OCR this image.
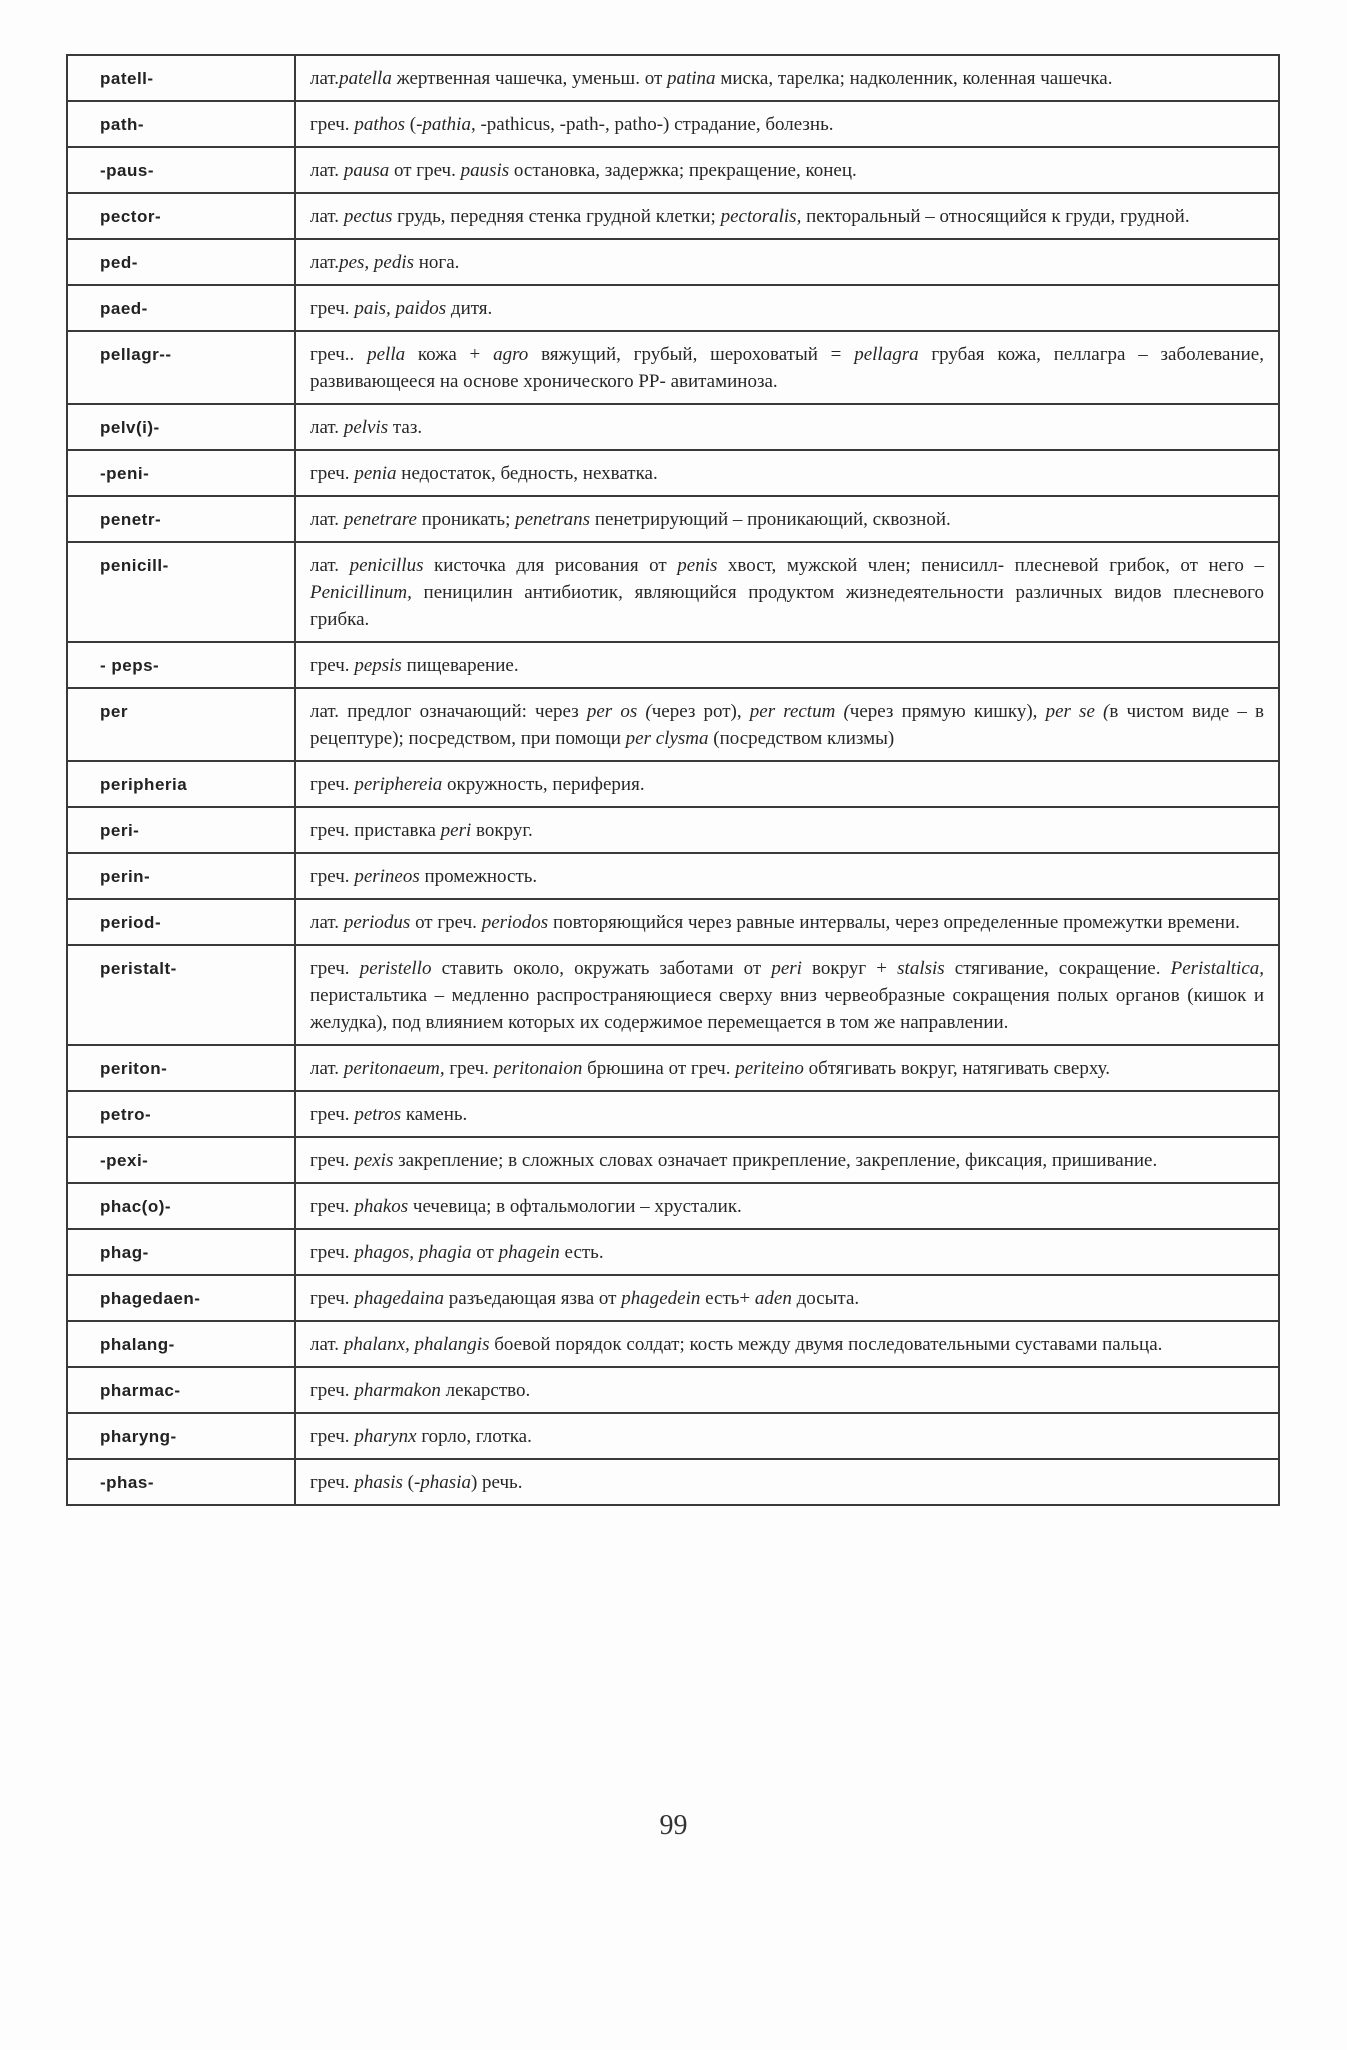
patell-	лат.patella жертвенная чашечка, уменьш. от patina миска, тарелка; надколенник, коленная чашечка.
path-	греч. pathos (-pathia, -pathicus, -path-, patho-) страдание, болезнь.
-paus-	лат. pausa от греч. pausis остановка, задержка; прекращение, конец.
pector-	лат. pectus грудь, передняя стенка грудной клетки; pectoralis, пекторальный – относящийся к груди, грудной.
ped-	лат.pes, pedis нога.
paed-	греч. pais, paidos дитя.
pellagr--	греч.. pella кожа + agro вяжущий, грубый, шероховатый = pellagra грубая кожа, пеллагра – заболевание, развивающееся на основе хронического PP- авитаминоза.
pelv(i)-	лат. pelvis таз.
-peni-	греч. penia недостаток, бедность, нехватка.
penetr-	лат. penetrare проникать; penetrans пенетрирующий – проникающий, сквозной.
penicill-	лат. penicillus кисточка для рисования от penis хвост, мужской член; пенисилл- плесневой грибок, от него – Penicillinum, пеницилин антибиотик, являющийся продуктом жизнедеятельности различных видов плесневого грибка.
- peps-	греч. pepsis пищеварение.
per	лат. предлог означающий: через per os (через рот), per rectum (через прямую кишку), per se (в чистом виде – в рецептуре); посредством, при помощи per clysma (посредством клизмы)
peripheria	греч. periphereia окружность, периферия.
peri-	греч. приставка peri вокруг.
perin-	греч. perineos промежность.
period-	лат. periodus от греч. periodos повторяющийся через равные интервалы, через определенные промежутки времени.
peristalt-	греч. peristello ставить около, окружать заботами от peri вокруг + stalsis стягивание, сокращение. Peristaltica, перистальтика – медленно распространяющиеся сверху вниз червеобразные сокращения полых органов (кишок и желудка), под влиянием которых их содержимое перемещается в том же направлении.
periton-	лат. peritonaeum, греч. peritonaion брюшина от греч. periteino обтягивать вокруг, натягивать сверху.
petro-	греч. petros камень.
-pexi-	греч. pexis закрепление; в сложных словах означает прикрепление, закрепление, фиксация, пришивание.
phac(o)-	греч. phakos чечевица; в офтальмологии – хрусталик.
phag-	греч. phagos, phagia от phagein есть.
phagedaen-	греч. phagedaina разъедающая язва от phagedein есть+ aden досыта.
phalang-	лат. phalanx, phalangis боевой порядок солдат; кость между двумя последовательными суставами пальца.
pharmac-	греч. pharmakon лекарство.
pharyng-	греч. pharynx горло, глотка.
-phas-	греч. phasis (-phasia) речь.
99
